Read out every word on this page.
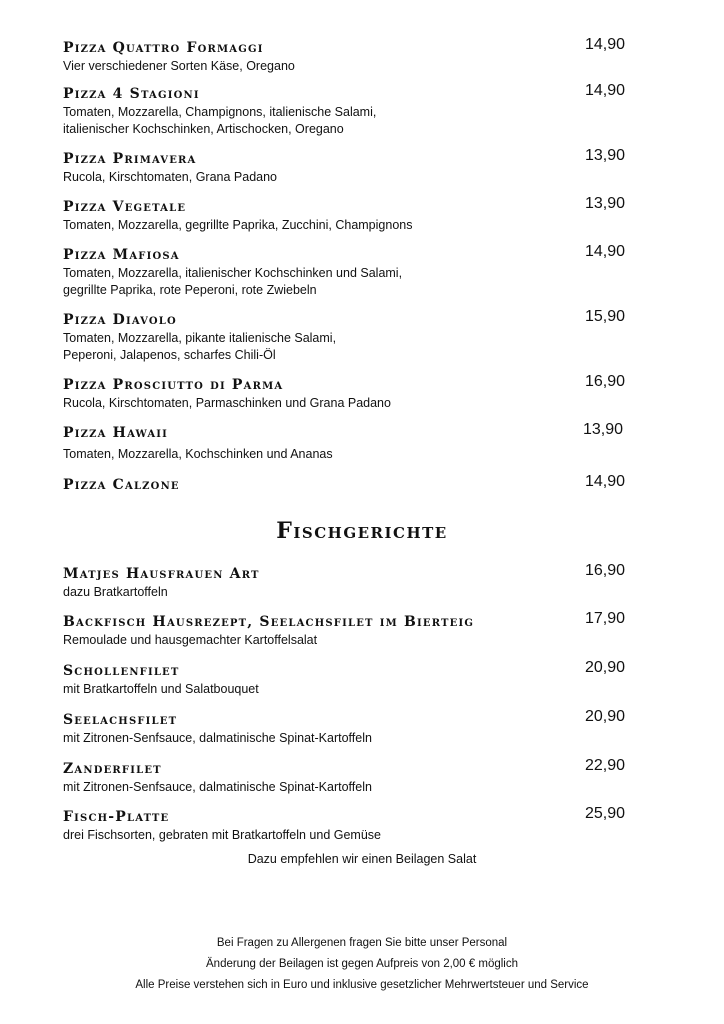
Pizza Quattro Formaggi
Vier verschiedener Sorten Käse, Oregano
14,90
Pizza 4 Stagioni
Tomaten, Mozzarella, Champignons, italienische Salami,
italienischer Kochschinken, Artischocken, Oregano
14,90
Pizza Primavera
Rucola, Kirschtomaten, Grana Padano
13,90
Pizza Vegetale
Tomaten, Mozzarella, gegrillte Paprika, Zucchini, Champignons
13,90
Pizza Mafiosa
Tomaten, Mozzarella, italienischer Kochschinken und Salami,
gegrillte Paprika, rote Peperoni, rote Zwiebeln
14,90
Pizza Diavolo
Tomaten, Mozzarella, pikante italienische Salami,
Peperoni, Jalapenos, scharfes Chili-Öl
15,90
Pizza Prosciutto di Parma
Rucola, Kirschtomaten, Parmaschinken und Grana Padano
16,90
Pizza Hawaii
Tomaten, Mozzarella, Kochschinken und Ananas
13,90
Pizza Calzone	14,90
Fischgerichte
Matjes Hausfrauen Art
dazu Bratkartoffeln
16,90
Backfisch Hausrezept, Seelachsfilet im Bierteig
Remoulade und hausgemachter Kartoffelsalat
17,90
Schollenfilet
mit Bratkartoffeln und Salatbouquet
20,90
Seelachsfilet
mit Zitronen-Senfsauce, dalmatinische Spinat-Kartoffeln
20,90
Zanderfilet
mit Zitronen-Senfsauce, dalmatinische Spinat-Kartoffeln
22,90
Fisch-Platte
drei Fischsorten, gebraten mit Bratkartoffeln und Gemüse
25,90
Dazu empfehlen wir einen Beilagen Salat
Bei Fragen zu Allergenen fragen Sie bitte unser Personal
Änderung der Beilagen ist gegen Aufpreis von 2,00 € möglich
Alle Preise verstehen sich in Euro und inklusive gesetzlicher Mehrwertsteuer und Service
